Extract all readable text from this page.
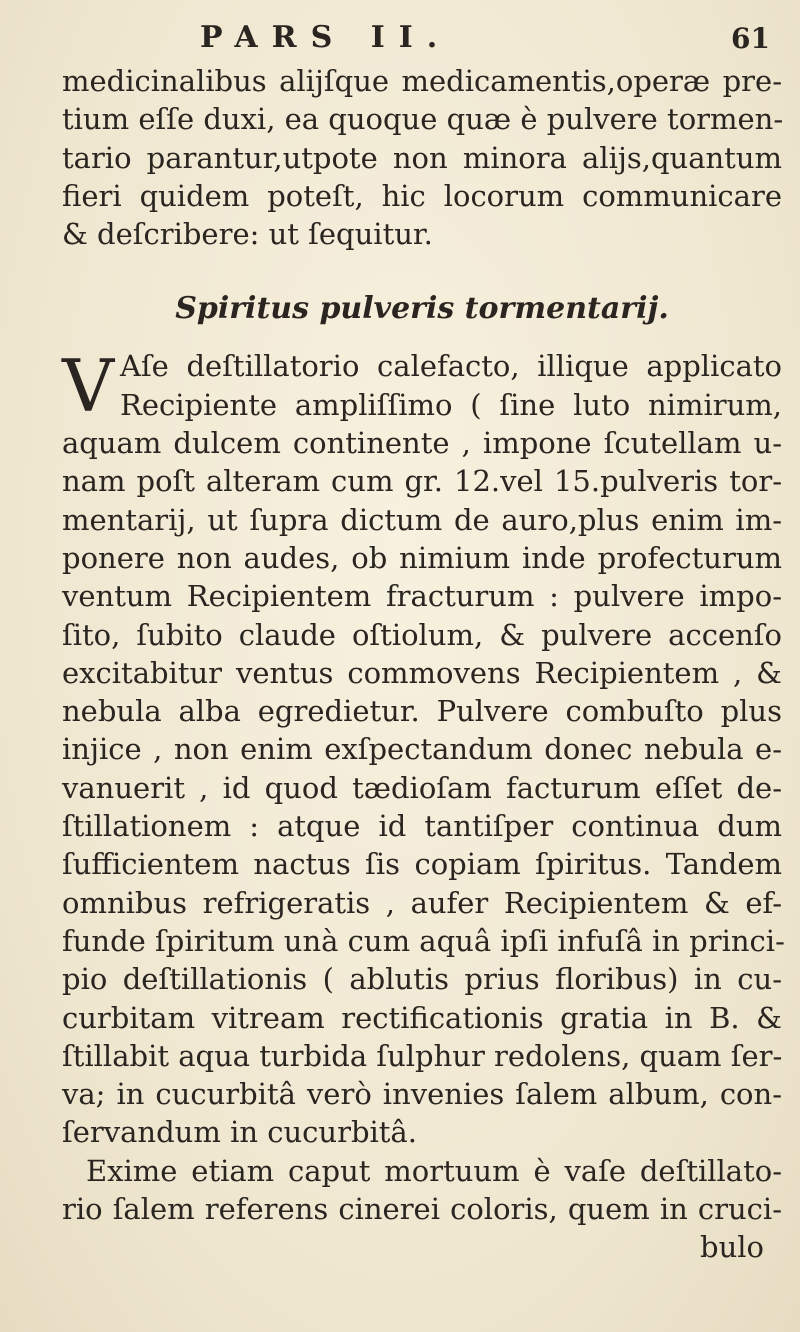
PARS II.	61
medicinalibus alijſque medicamentis,operæ pre-
tium eſſe duxi, ea quoque quæ è pulvere tormen-
tario parantur,utpote non minora alijs,quantum
fieri quidem poteſt, hic locorum communicare
& deſcribere: ut ſequitur.
Spiritus pulveris tormentarij.
V Aſe deſtillatorio calefacto, illique applicato
Recipiente ampliſſimo ( ſine luto nimirum,
aquam dulcem continente , impone ſcutellam u-
nam poſt alteram cum gr. 12.vel 15.pulveris tor-
mentarij, ut ſupra dictum de auro,plus enim im-
ponere non audes, ob nimium inde profecturum
ventum Recipientem fracturum : pulvere impo-
ſito, ſubito claude oſtiolum, & pulvere accenſo
excitabitur ventus commovens Recipientem , &
nebula alba egredietur. Pulvere combuſto plus
injice , non enim exſpectandum donec nebula e-
vanuerit , id quod tædioſam facturum eſſet de-
ſtillationem : atque id tantiſper continua dum
ſufficientem nactus ſis copiam ſpiritus. Tandem
omnibus refrigeratis , aufer Recipientem & ef-
funde ſpiritum unà cum aquâ ipſi infuſâ in princi-
pio deſtillationis ( ablutis prius floribus) in cu-
curbitam vitream rectificationis gratia in B. &
ſtillabit aqua turbida ſulphur redolens, quam ſer-
va; in cucurbitâ verò invenies ſalem album, con-
ſervandum in cucurbitâ.
Exime etiam caput mortuum è vaſe deſtillato-
rio ſalem referens cinerei coloris, quem in cruci-
bulo
